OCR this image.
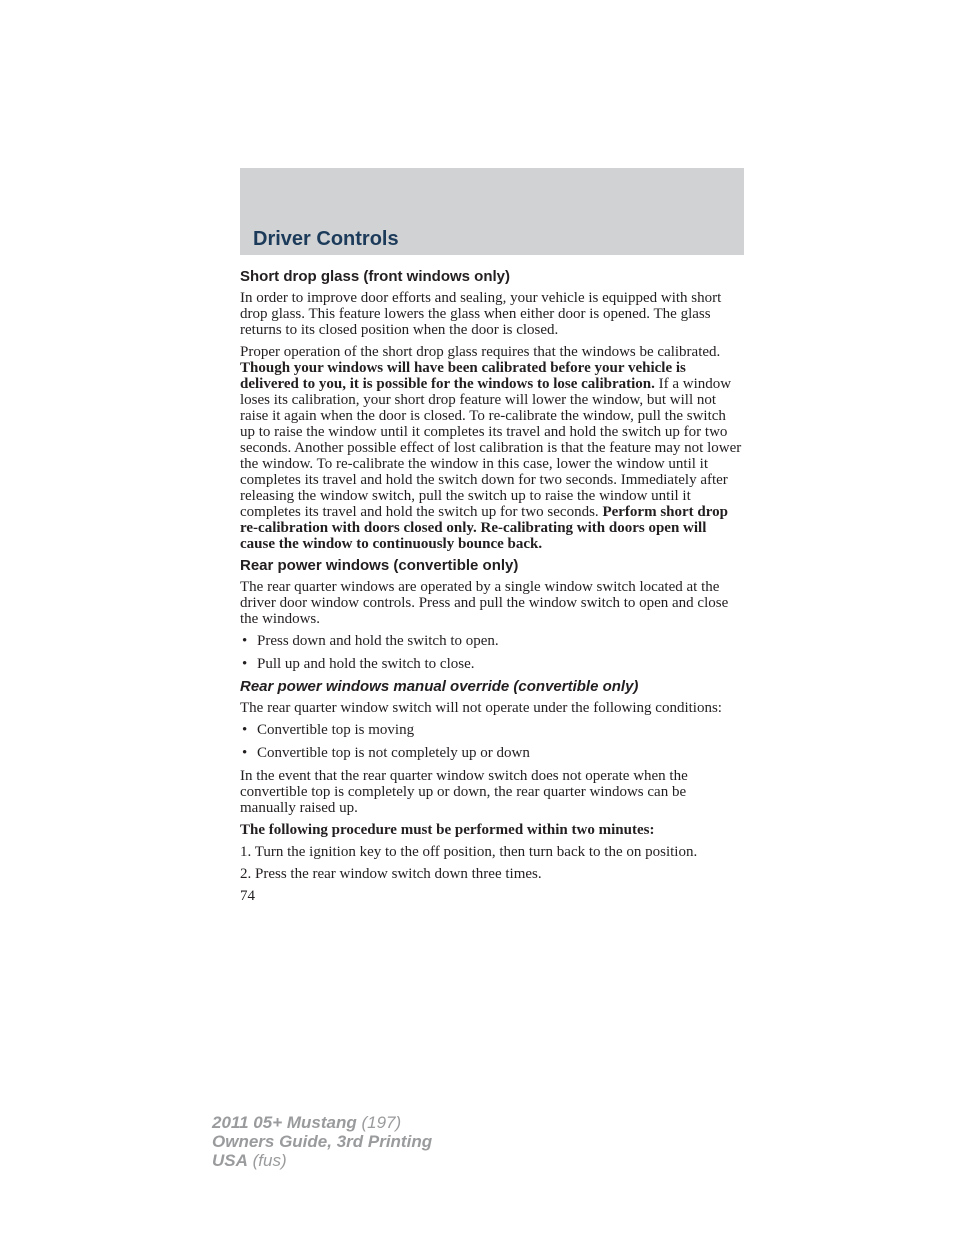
Driver Controls
Short drop glass (front windows only)

In order to improve door efforts and sealing, your vehicle is equipped with short drop glass. This feature lowers the glass when either door is opened. The glass returns to its closed position when the door is closed.

Proper operation of the short drop glass requires that the windows be calibrated. Though your windows will have been calibrated before your vehicle is delivered to you, it is possible for the windows to lose calibration. If a window loses its calibration, your short drop feature will lower the window, but will not raise it again when the door is closed. To re-calibrate the window, pull the switch up to raise the window until it completes its travel and hold the switch up for two seconds. Another possible effect of lost calibration is that the feature may not lower the window. To re-calibrate the window in this case, lower the window until it completes its travel and hold the switch down for two seconds. Immediately after releasing the window switch, pull the switch up to raise the window until it completes its travel and hold the switch up for two seconds. Perform short drop re-calibration with doors closed only. Re-calibrating with doors open will cause the window to continuously bounce back.

Rear power windows (convertible only)

The rear quarter windows are operated by a single window switch located at the driver door window controls. Press and pull the window switch to open and close the windows.

• Press down and hold the switch to open.
• Pull up and hold the switch to close.
Rear power windows manual override (convertible only)

The rear quarter window switch will not operate under the following conditions:

• Convertible top is moving
• Convertible top is not completely up or down

In the event that the rear quarter window switch does not operate when the convertible top is completely up or down, the rear quarter windows can be manually raised up.

The following procedure must be performed within two minutes:

1. Turn the ignition key to the off position, then turn back to the on position.

2. Press the rear window switch down three times.

74
2011 05+ Mustang (197)
Owners Guide, 3rd Printing
USA (fus)
